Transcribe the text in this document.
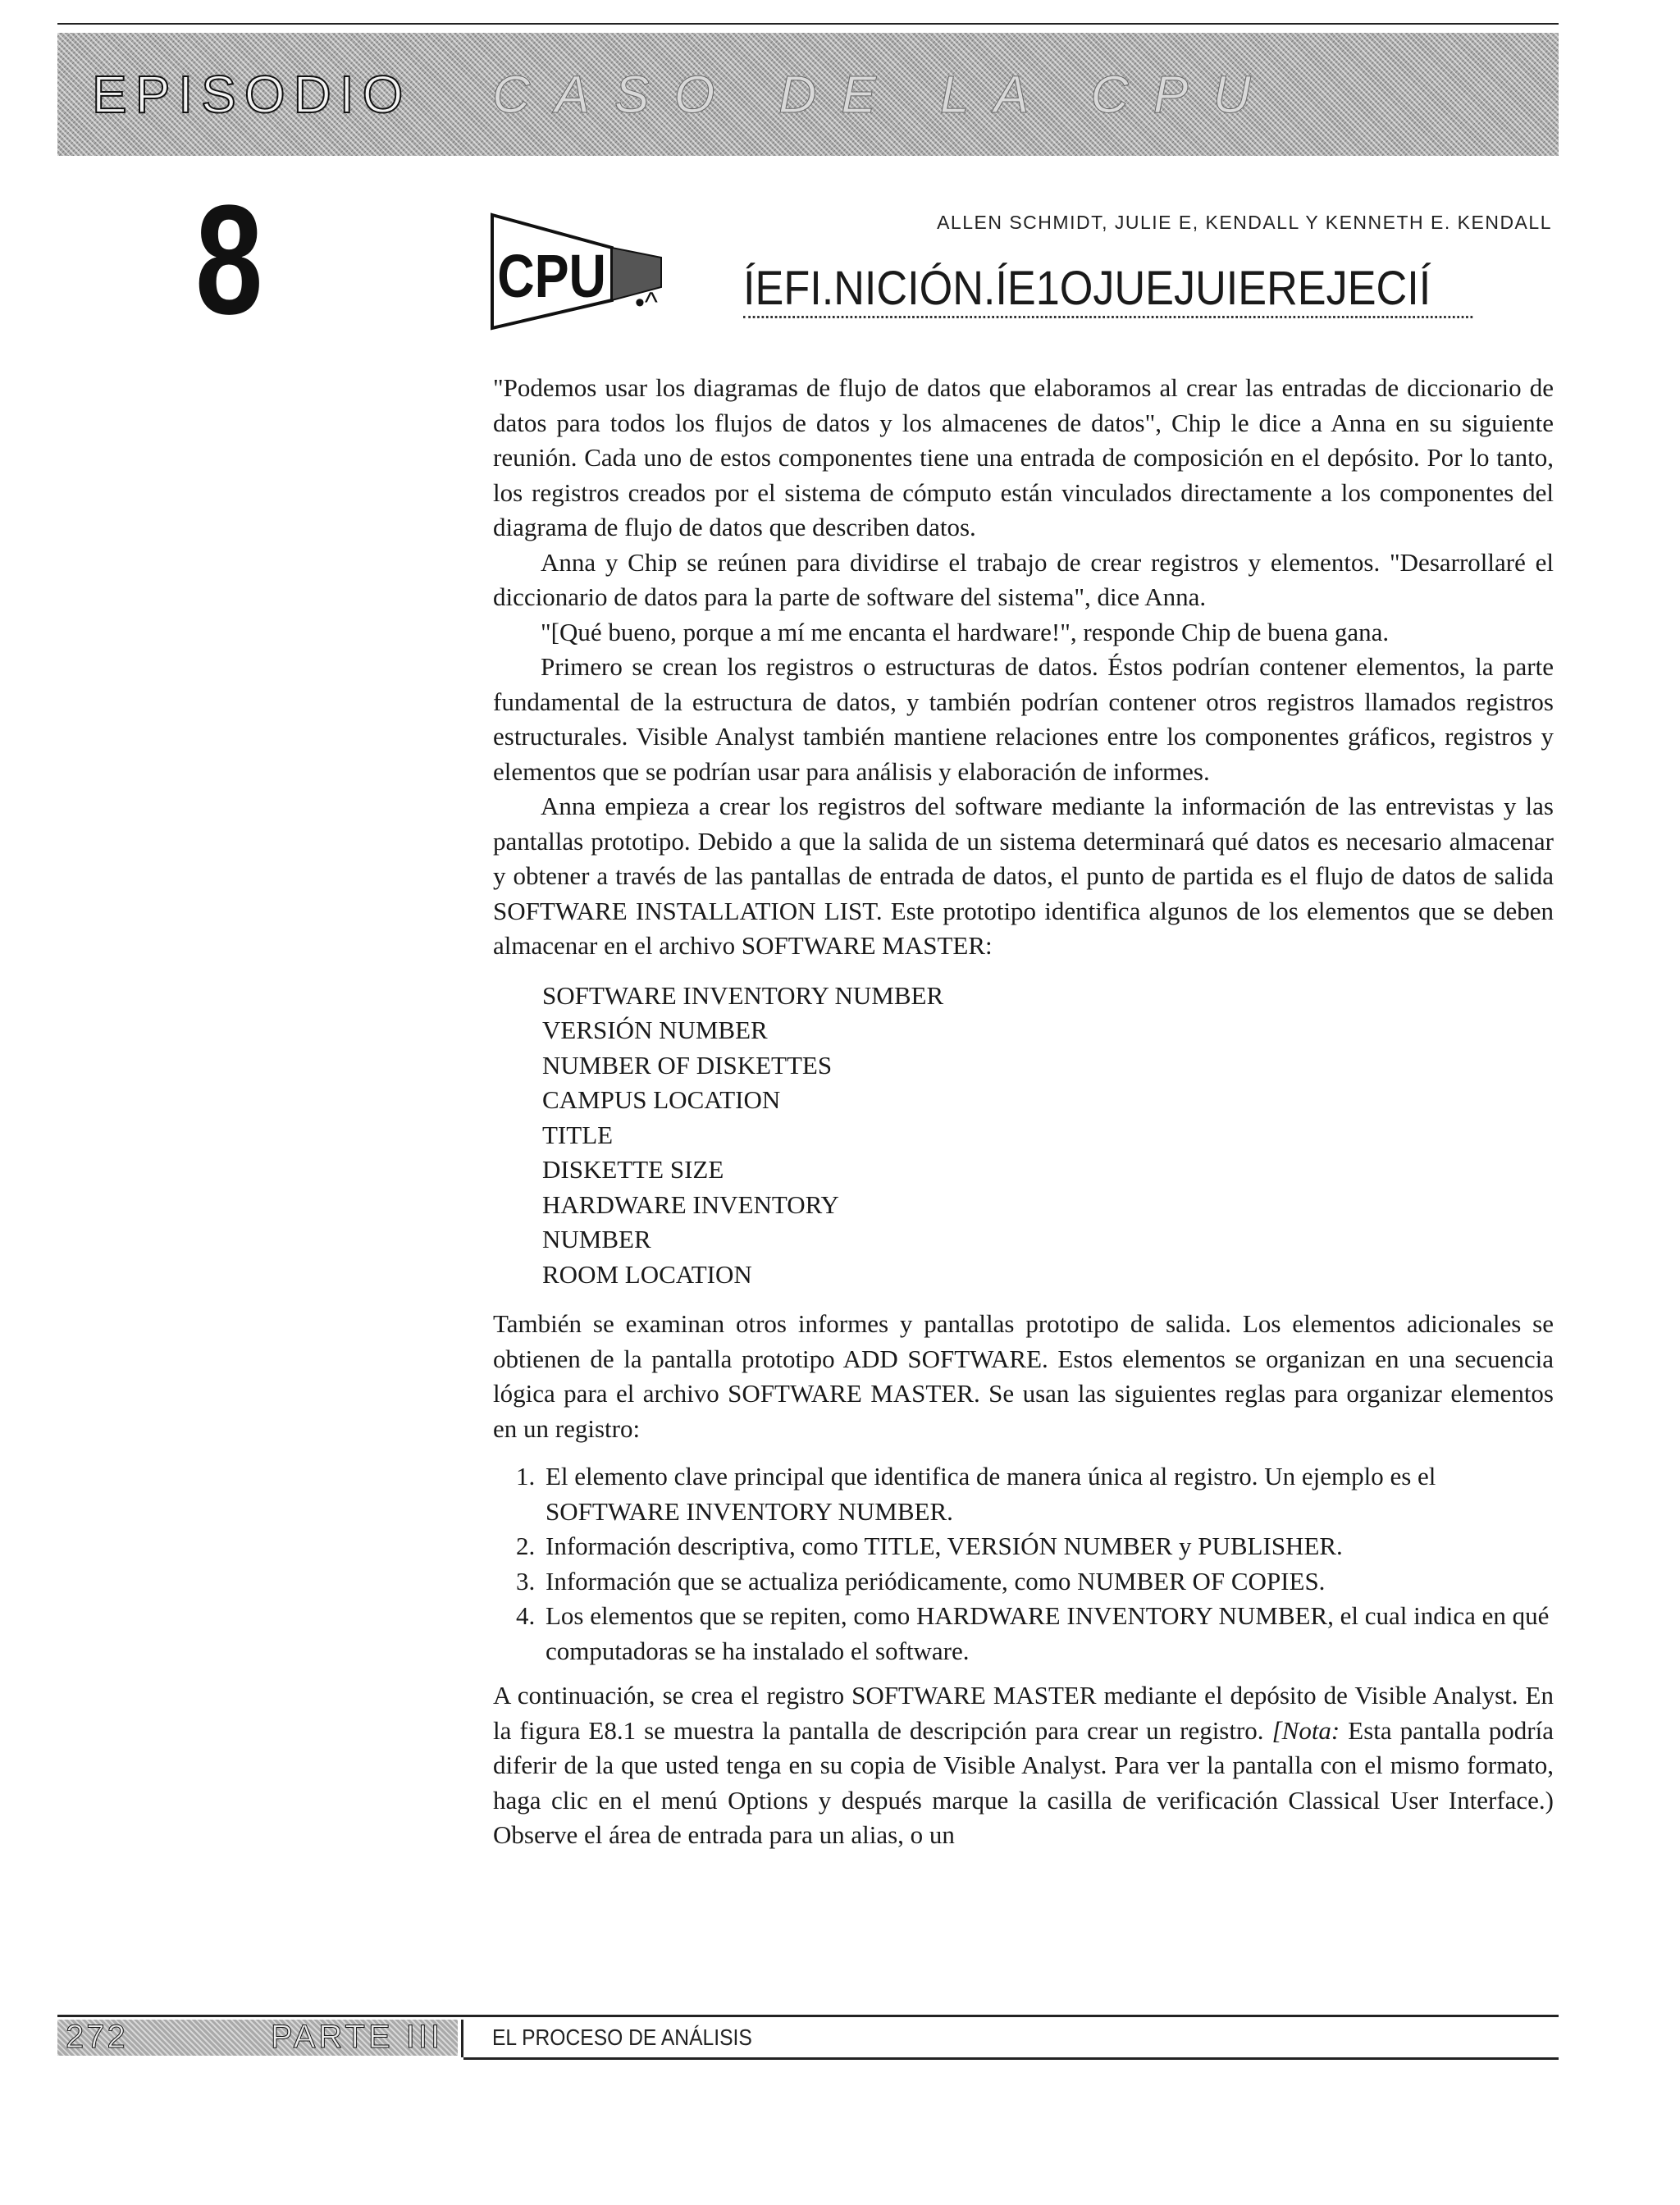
EPISODIO CASO DE LA CPU
8	CPU •^
ALLEN SCHMIDT, JULIE E, KENDALL Y KENNETH E. KENDALL
ÍEFI.NICIÓN.ÍE1OJUEJUIEREJECIÍ

"Podemos usar los diagramas de flujo de datos que elaboramos al crear las entradas de diccionario de datos para todos los flujos de datos y los almacenes de datos", Chip le dice a Anna en su siguiente reunión. Cada uno de estos componentes tiene una entrada de composición en el depósito. Por lo tanto, los registros creados por el sistema de cómputo están vinculados directamente a los componentes del diagrama de flujo de datos que describen datos.

Anna y Chip se reúnen para dividirse el trabajo de crear registros y elementos. "Desarrollaré el diccionario de datos para la parte de software del sistema", dice Anna.

"[Qué bueno, porque a mí me encanta el hardware!", responde Chip de buena gana.

Primero se crean los registros o estructuras de datos. Éstos podrían contener elementos, la parte fundamental de la estructura de datos, y también podrían contener otros registros llamados registros estructurales. Visible Analyst también mantiene relaciones entre los componentes gráficos, registros y elementos que se podrían usar para análisis y elaboración de informes.

Anna empieza a crear los registros del software mediante la información de las entrevistas y las pantallas prototipo. Debido a que la salida de un sistema determinará qué datos es necesario almacenar y obtener a través de las pantallas de entrada de datos, el punto de partida es el flujo de datos de salida SOFTWARE INSTALLATION LIST. Este prototipo identifica algunos de los elementos que se deben almacenar en el archivo SOFTWARE MASTER:

SOFTWARE INVENTORY NUMBER
VERSIÓN NUMBER
NUMBER OF DISKETTES
CAMPUS LOCATION
TITLE
DISKETTE SIZE
HARDWARE INVENTORY
NUMBER
ROOM LOCATION

También se examinan otros informes y pantallas prototipo de salida. Los elementos adicionales se obtienen de la pantalla prototipo ADD SOFTWARE. Estos elementos se organizan en una secuencia lógica para el archivo SOFTWARE MASTER. Se usan las siguientes reglas para organizar elementos en un registro:

1. El elemento clave principal que identifica de manera única al registro. Un ejemplo es el SOFTWARE INVENTORY NUMBER.
2. Información descriptiva, como TITLE, VERSIÓN NUMBER y PUBLISHER.
3. Información que se actualiza periódicamente, como NUMBER OF COPIES.
4. Los elementos que se repiten, como HARDWARE INVENTORY NUMBER, el cual indica en qué computadoras se ha instalado el software.

A continuación, se crea el registro SOFTWARE MASTER mediante el depósito de Visible Analyst. En la figura E8.1 se muestra la pantalla de descripción para crear un registro. [Nota: Esta pantalla podría diferir de la que usted tenga en su copia de Visible Analyst. Para ver la pantalla con el mismo formato, haga clic en el menú Options y después marque la casilla de verificación Classical User Interface.) Observe el área de entrada para un alias, o un

272	PARTE III EL PROCESO DE ANÁLISIS
